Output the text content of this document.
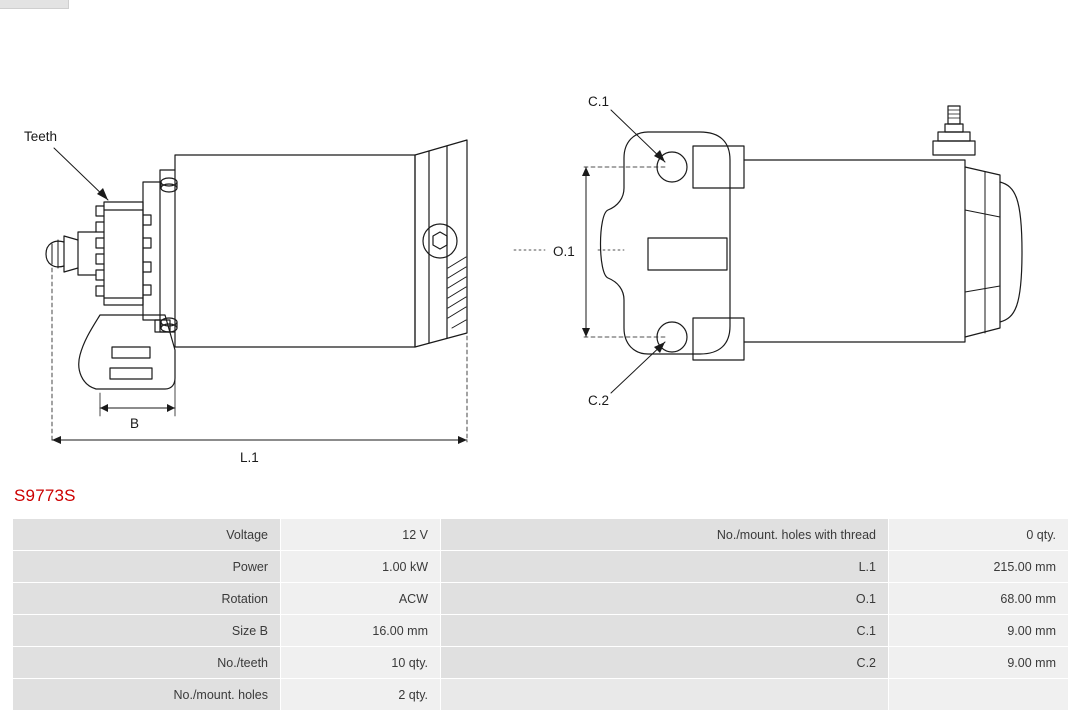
Teeth
B
L.1
O.1
C.1
C.2
S9773S
Voltage	12 V	No./mount. holes with thread	0 qty.
Power	1.00 kW	L.1	215.00 mm
Rotation	ACW	O.1	68.00 mm
Size B	16.00 mm	C.1	9.00 mm
No./teeth	10 qty.	C.2	9.00 mm
No./mount. holes	2 qty.		
